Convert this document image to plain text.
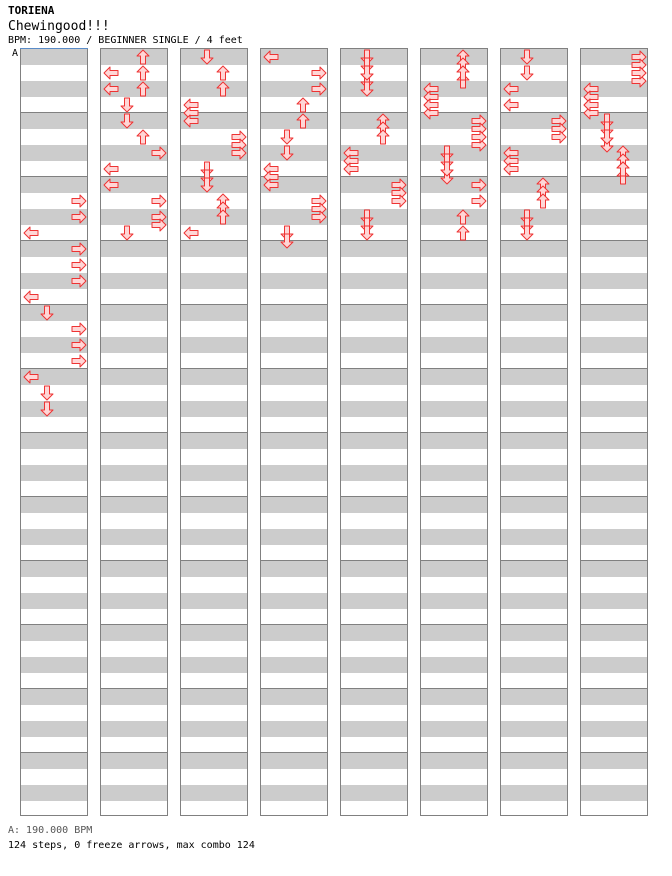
TORIENA
Chewingood!!!
BPM: 190.000 / BEGINNER SINGLE / 4 feet
A
A: 190.000 BPM
124 steps, 0 freeze arrows, max combo 124
